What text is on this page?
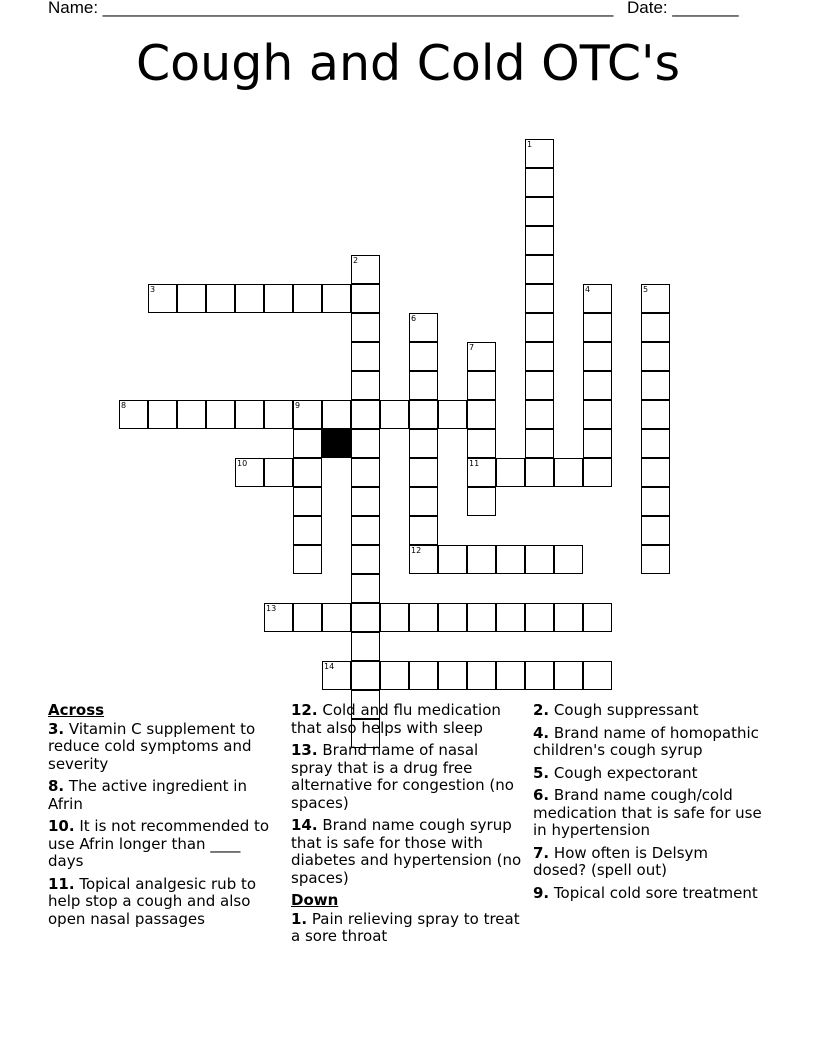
Name: ______________________________________________________ Date: _______
Cough and Cold OTC's
1
2
3	4	5
6
12
7
11
8	9
10
13
14
Across
3. Vitamin C supplement to reduce cold symptoms and severity
8. The active ingredient in Afrin
10. It is not recommended to use Afrin longer than ____ days
11. Topical analgesic rub to help stop a cough and also open nasal passages
12. Cold and flu medication that also helps with sleep
13. Brand name of nasal spray that is a drug free alternative for congestion (no spaces)
14. Brand name cough syrup that is safe for those with diabetes and hypertension (no spaces)
Down
1. Pain relieving spray to treat a sore throat
2. Cough suppressant
4. Brand name of homopathic children's cough syrup
5. Cough expectorant
6. Brand name cough/cold medication that is safe for use in hypertension
7. How often is Delsym dosed? (spell out)
9. Topical cold sore treatment
